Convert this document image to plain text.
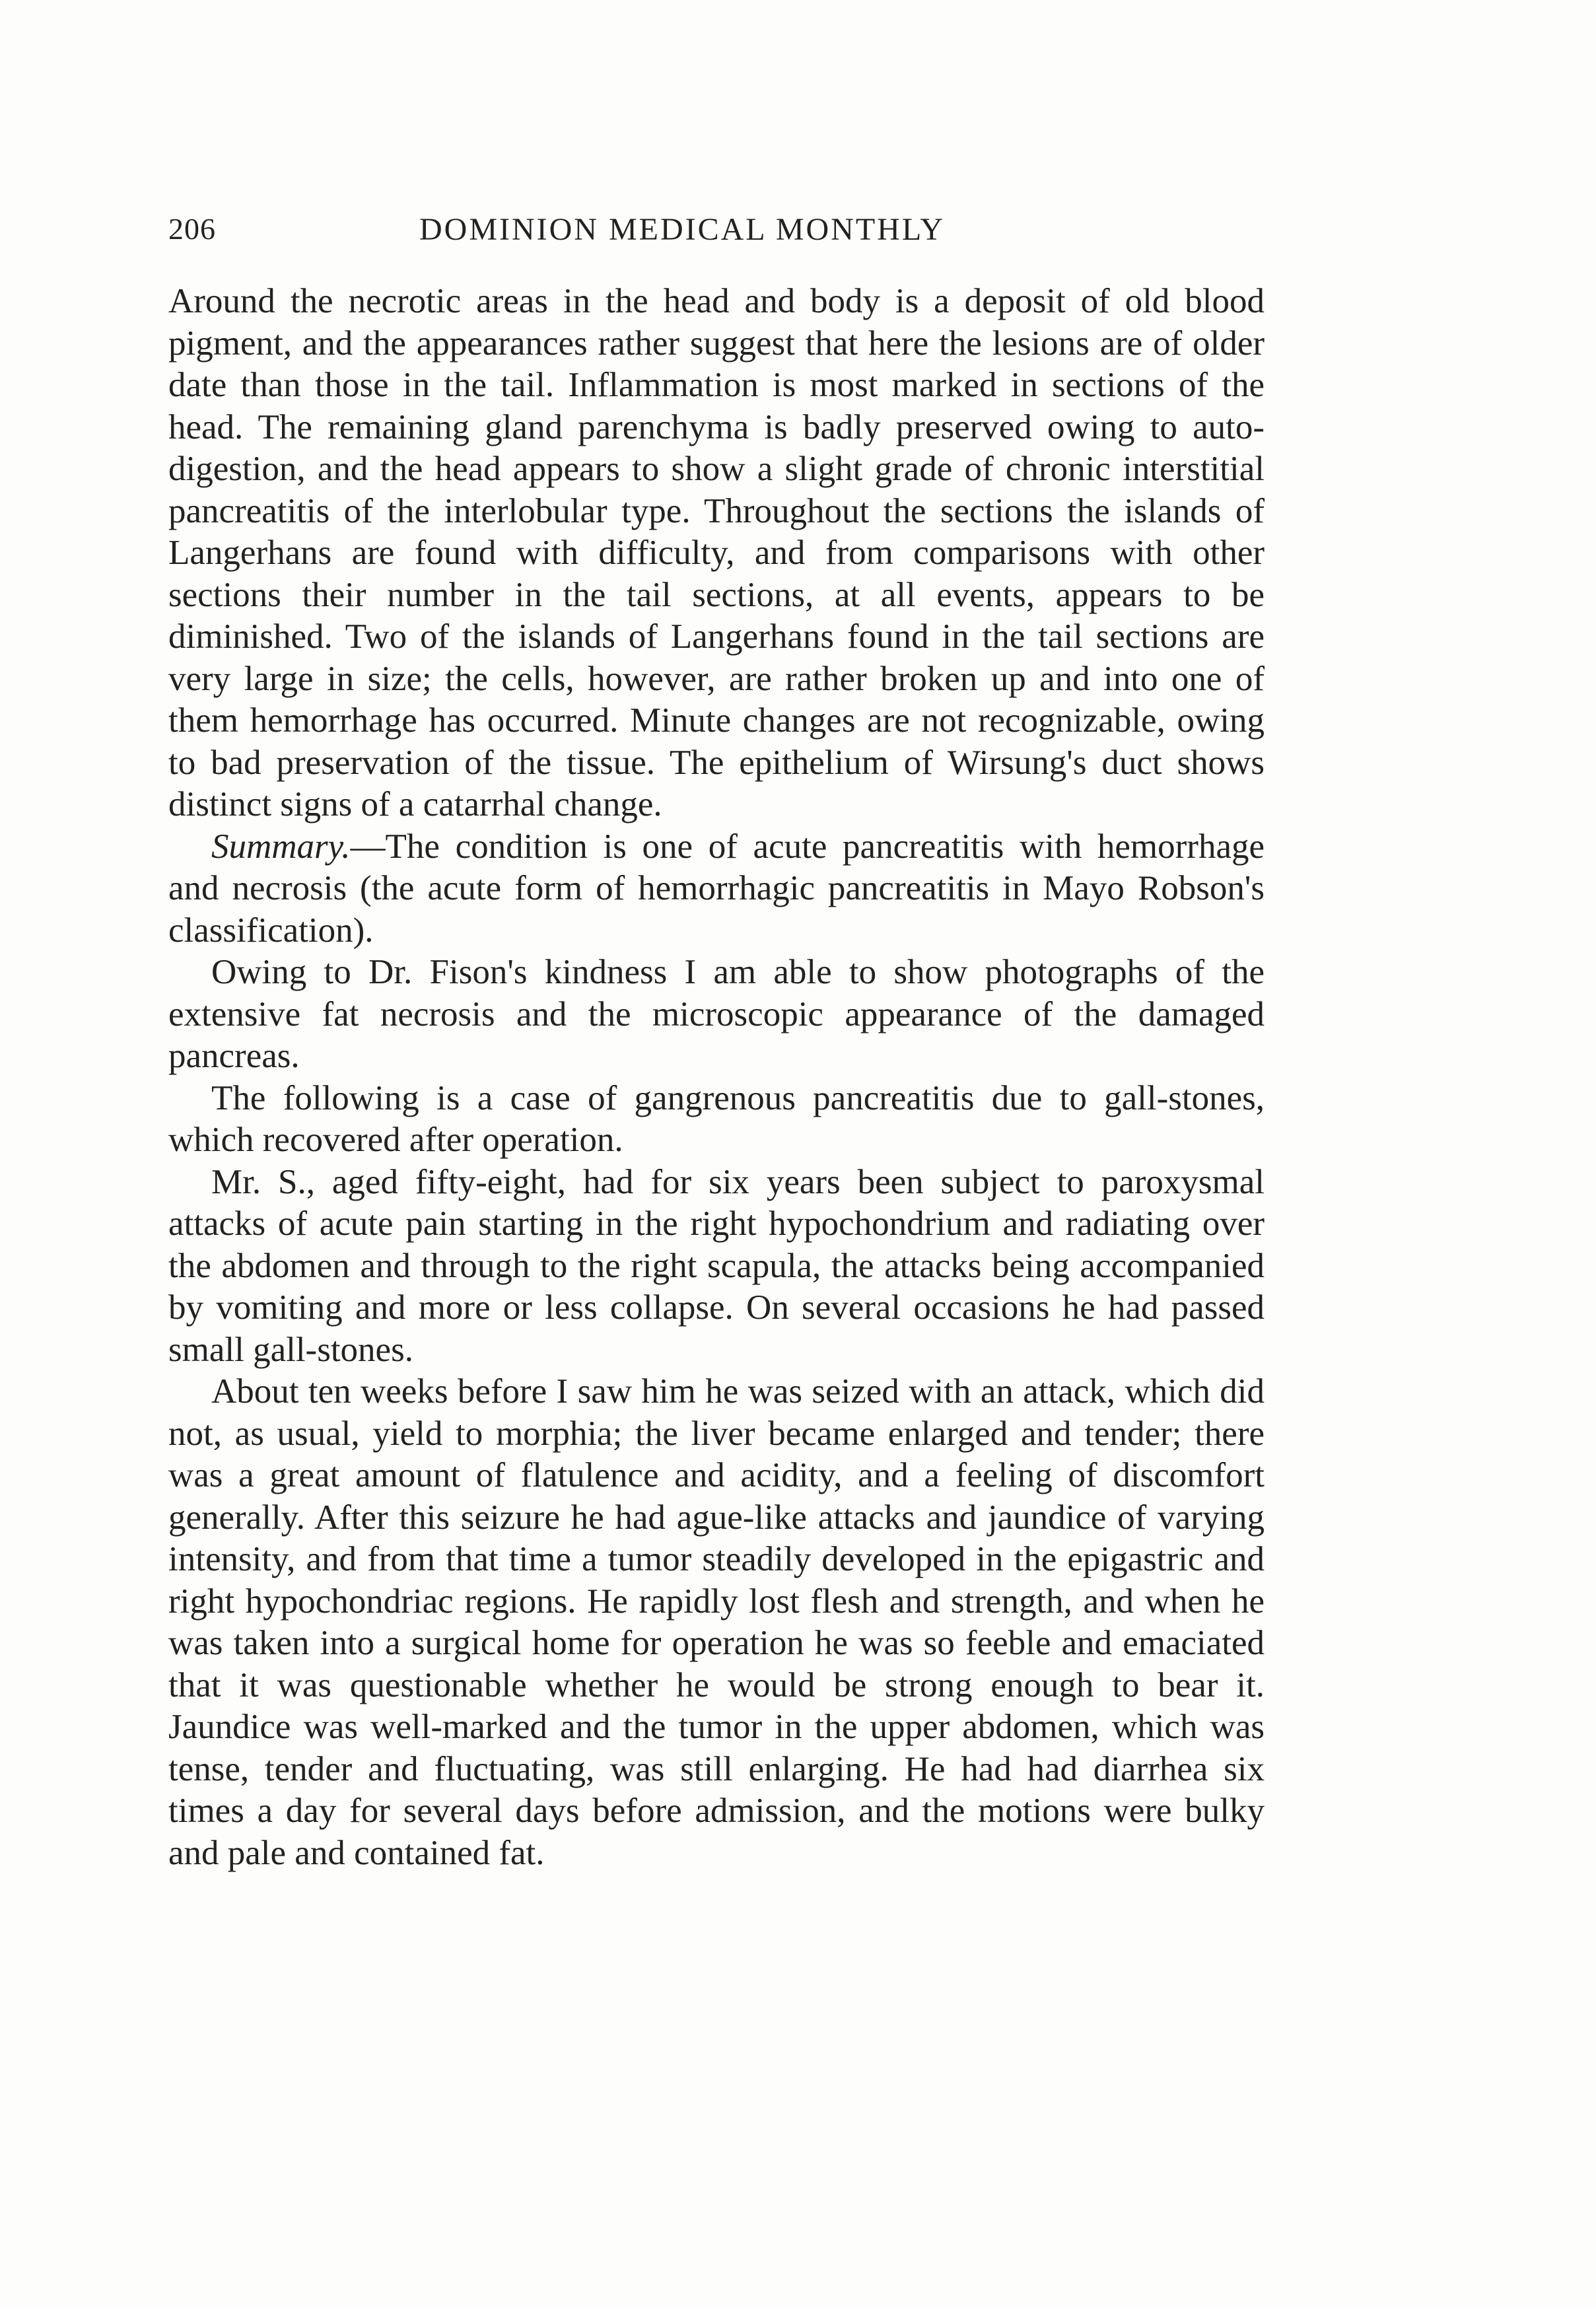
206	DOMINION MEDICAL MONTHLY

Around the necrotic areas in the head and body is a deposit of old blood pigment, and the appearances rather suggest that here the lesions are of older date than those in the tail. Inflammation is most marked in sections of the head. The remaining gland parenchyma is badly preserved owing to auto-digestion, and the head appears to show a slight grade of chronic interstitial pancreatitis of the interlobular type. Throughout the sections the islands of Langerhans are found with difficulty, and from comparisons with other sections their number in the tail sections, at all events, appears to be diminished. Two of the islands of Langerhans found in the tail sections are very large in size; the cells, however, are rather broken up and into one of them hemorrhage has occurred. Minute changes are not recognizable, owing to bad preservation of the tissue. The epithelium of Wirsung's duct shows distinct signs of a catarrhal change.

Summary.—The condition is one of acute pancreatitis with hemorrhage and necrosis (the acute form of hemorrhagic pancreatitis in Mayo Robson's classification).

Owing to Dr. Fison's kindness I am able to show photographs of the extensive fat necrosis and the microscopic appearance of the damaged pancreas.

The following is a case of gangrenous pancreatitis due to gall-stones, which recovered after operation.

Mr. S., aged fifty-eight, had for six years been subject to paroxysmal attacks of acute pain starting in the right hypochondrium and radiating over the abdomen and through to the right scapula, the attacks being accompanied by vomiting and more or less collapse. On several occasions he had passed small gall-stones.

About ten weeks before I saw him he was seized with an attack, which did not, as usual, yield to morphia; the liver became enlarged and tender; there was a great amount of flatulence and acidity, and a feeling of discomfort generally. After this seizure he had ague-like attacks and jaundice of varying intensity, and from that time a tumor steadily developed in the epigastric and right hypochondriac regions. He rapidly lost flesh and strength, and when he was taken into a surgical home for operation he was so feeble and emaciated that it was questionable whether he would be strong enough to bear it. Jaundice was well-marked and the tumor in the upper abdomen, which was tense, tender and fluctuating, was still enlarging. He had had diarrhea six times a day for several days before admission, and the motions were bulky and pale and contained fat.
